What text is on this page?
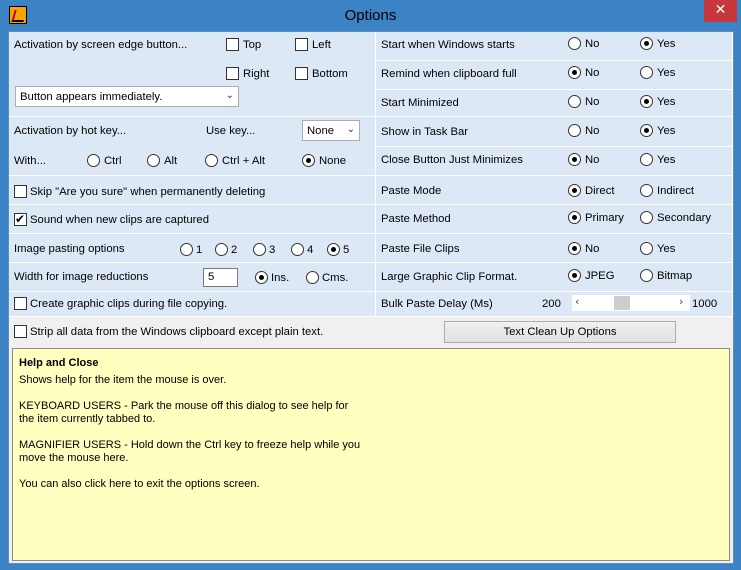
Options	✕
Activation by screen edge button...	Top	Left
Right	Bottom
Button appears immediately.	⌄
Activation by hot key...	Use key...	None ⌄
With...	Ctrl	Alt	Ctrl + Alt	None
Skip "Are you sure" when permanently deleting
✔
Sound when new clips are captured
Image pasting options	1	2	3	4	5
Width for image reductions	5	Ins.	Cms.
Create graphic clips during file copying.
Strip all data from the Windows clipboard except plain text.	Text Clean Up Options
Start when Windows starts	No	Yes
Remind when clipboard full	No	Yes
Start Minimized	No	Yes
Show in Task Bar	No	Yes
Close Button Just Minimizes	No	Yes
Paste Mode	Direct	Indirect
Paste Method	Primary	Secondary
Paste File Clips	No	Yes
Large Graphic Clip Format.	JPEG	Bitmap
Bulk Paste Delay (Ms)	200	1000
‹	›
Help and Close
Shows help for the item the mouse is over.
KEYBOARD USERS - Park the mouse off this dialog to see help for
the item currently tabbed to.
MAGNIFIER USERS - Hold down the Ctrl key to freeze help while you
move the mouse here.
You can also click here to exit the options screen.
